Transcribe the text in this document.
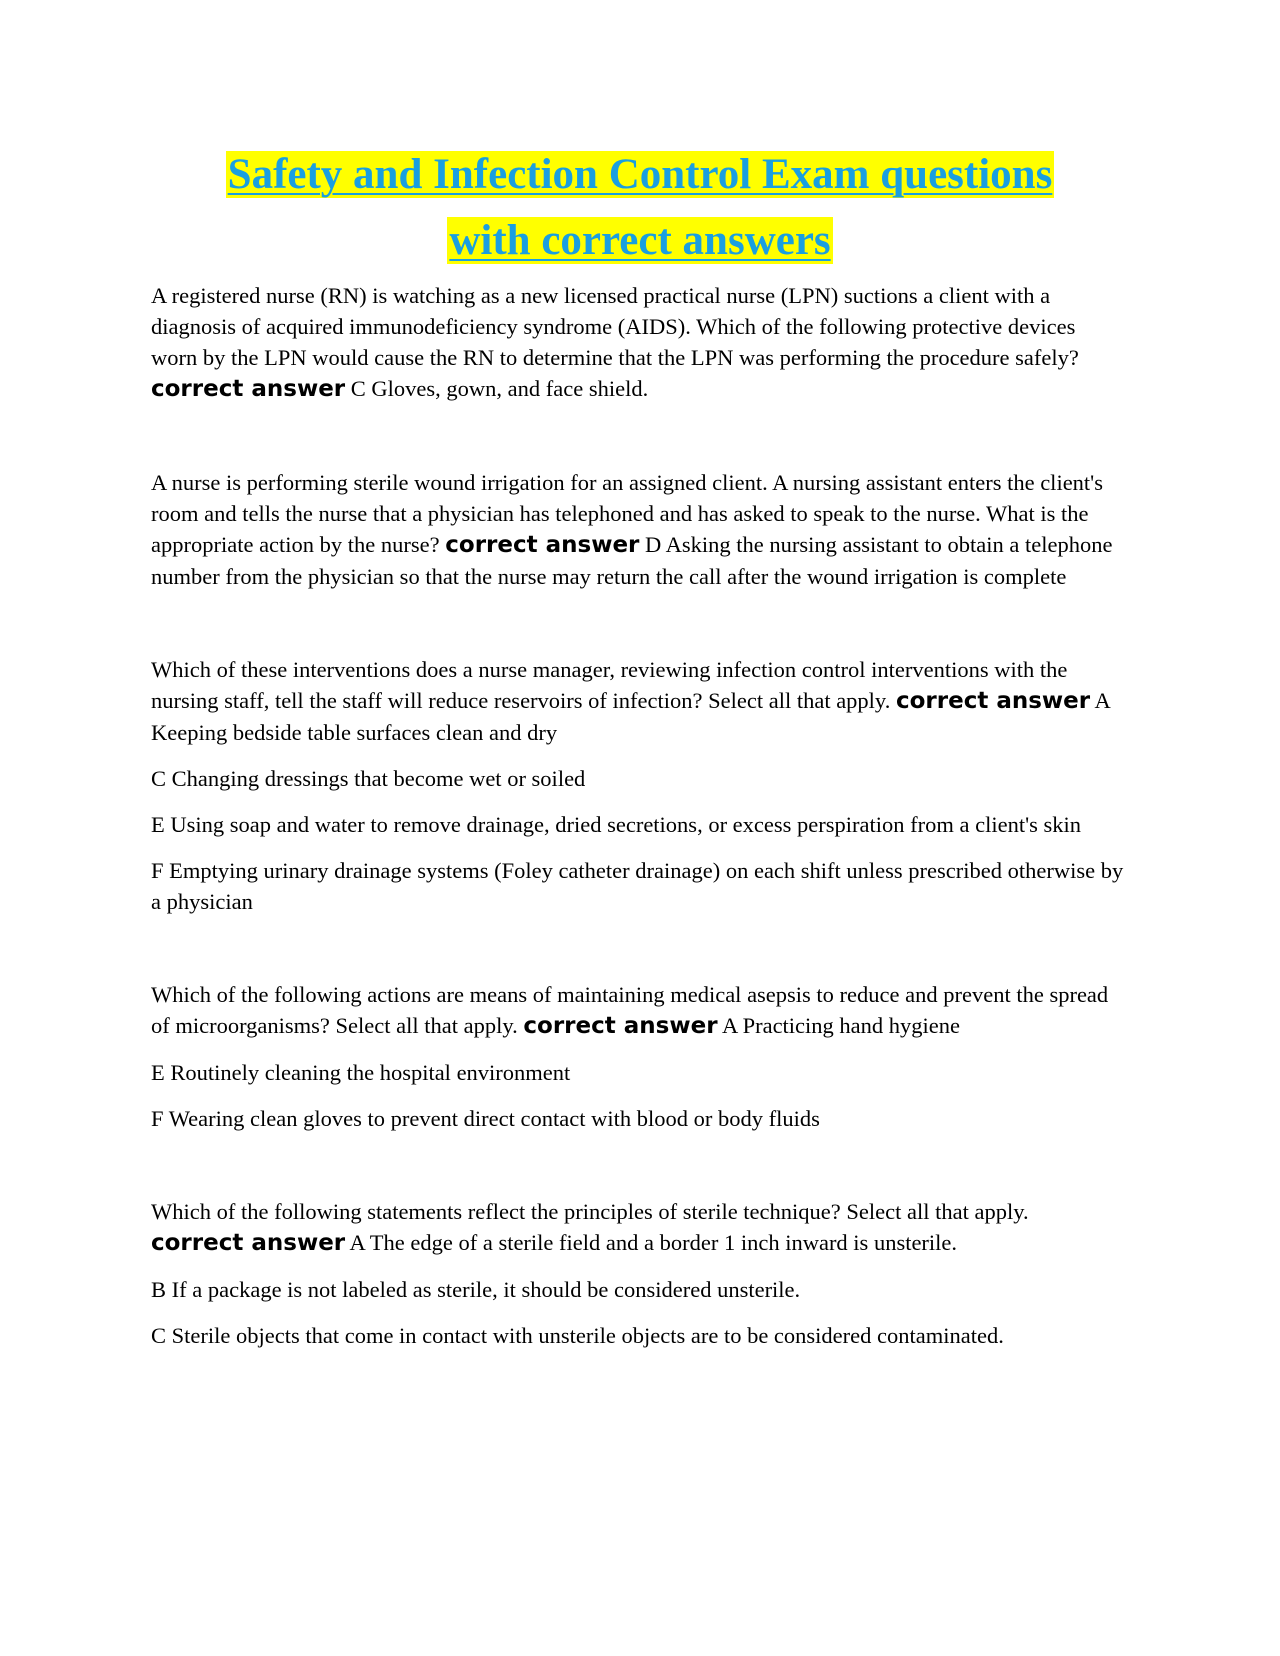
Safety and Infection Control Exam questions
with correct answers

A registered nurse (RN) is watching as a new licensed practical nurse (LPN) suctions a client with a diagnosis of acquired immunodeficiency syndrome (AIDS). Which of the following protective devices worn by the LPN would cause the RN to determine that the LPN was performing the procedure safely? correct answer C Gloves, gown, and face shield.

A nurse is performing sterile wound irrigation for an assigned client. A nursing assistant enters the client's room and tells the nurse that a physician has telephoned and has asked to speak to the nurse. What is the appropriate action by the nurse? correct answer D Asking the nursing assistant to obtain a telephone number from the physician so that the nurse may return the call after the wound irrigation is complete

Which of these interventions does a nurse manager, reviewing infection control interventions with the nursing staff, tell the staff will reduce reservoirs of infection? Select all that apply. correct answer A Keeping bedside table surfaces clean and dry

C Changing dressings that become wet or soiled

E Using soap and water to remove drainage, dried secretions, or excess perspiration from a client's skin

F Emptying urinary drainage systems (Foley catheter drainage) on each shift unless prescribed otherwise by a physician

Which of the following actions are means of maintaining medical asepsis to reduce and prevent the spread of microorganisms? Select all that apply. correct answer A Practicing hand hygiene

E Routinely cleaning the hospital environment

F Wearing clean gloves to prevent direct contact with blood or body fluids

Which of the following statements reflect the principles of sterile technique? Select all that apply. correct answer A The edge of a sterile field and a border 1 inch inward is unsterile.

B If a package is not labeled as sterile, it should be considered unsterile.

C Sterile objects that come in contact with unsterile objects are to be considered contaminated.
